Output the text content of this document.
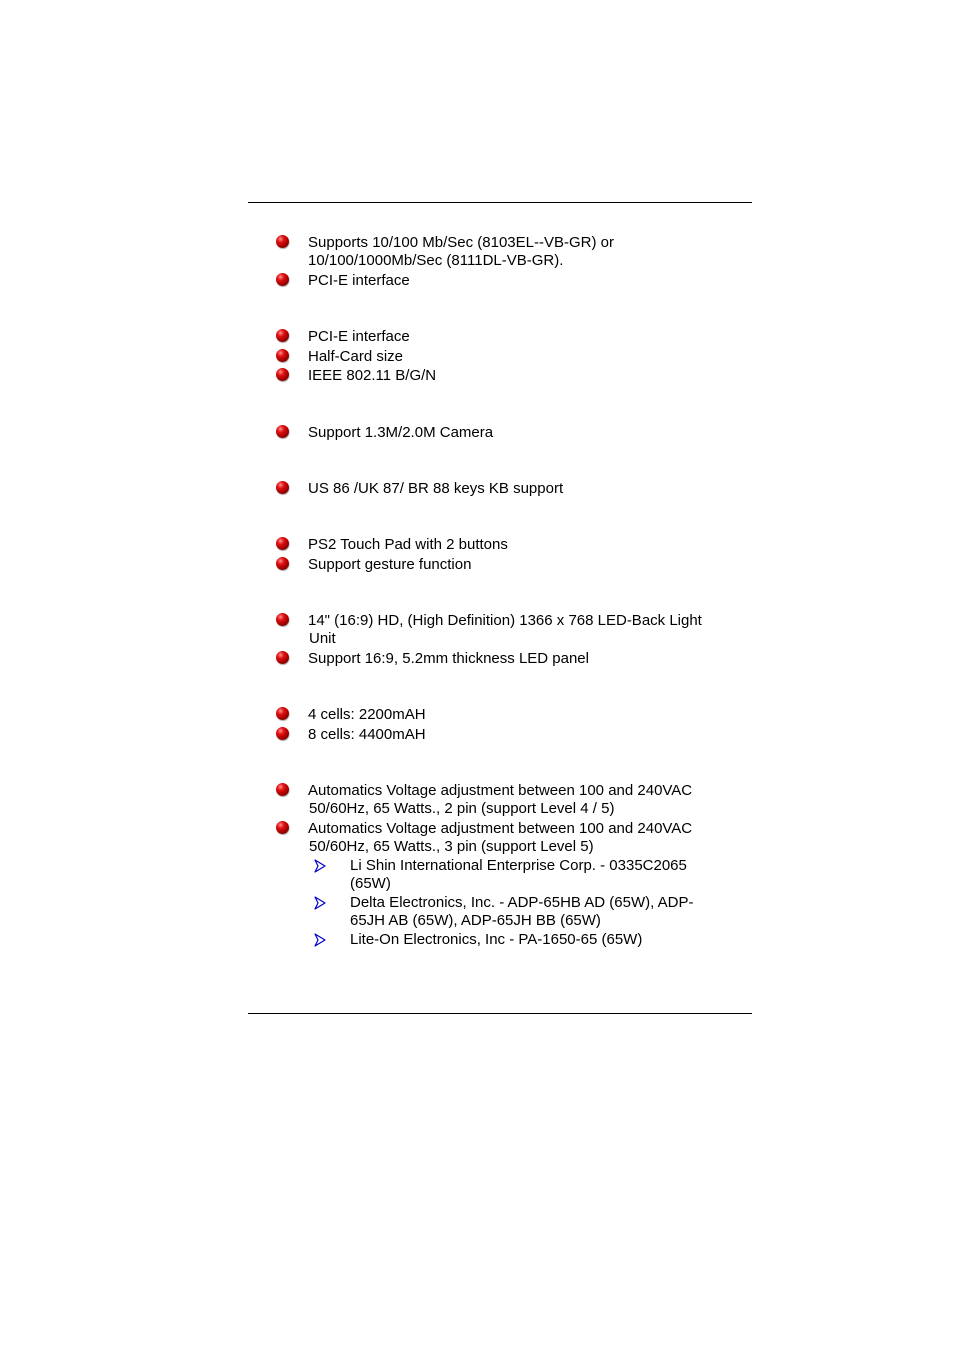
Supports 10/100 Mb/Sec (8103EL--VB-GR) or
10/100/1000Mb/Sec (8111DL-VB-GR).
PCI-E interface
PCI-E interface
Half-Card size
IEEE 802.11 B/G/N
Support 1.3M/2.0M Camera
US 86 /UK 87/ BR 88 keys KB support
PS2 Touch Pad with 2 buttons
Support gesture function
14" (16:9) HD, (High Definition) 1366 x 768 LED-Back Light
Unit
Support 16:9, 5.2mm thickness LED panel
4 cells: 2200mAH
8 cells: 4400mAH
Automatics Voltage adjustment between 100 and 240VAC
50/60Hz, 65 Watts., 2 pin (support Level 4 / 5)
Automatics Voltage adjustment between 100 and 240VAC
50/60Hz, 65 Watts., 3 pin (support Level 5)
Li Shin International Enterprise Corp. - 0335C2065
(65W)
Delta Electronics, Inc. - ADP-65HB AD (65W), ADP-
65JH AB (65W), ADP-65JH BB (65W)
Lite-On Electronics, Inc - PA-1650-65 (65W)
